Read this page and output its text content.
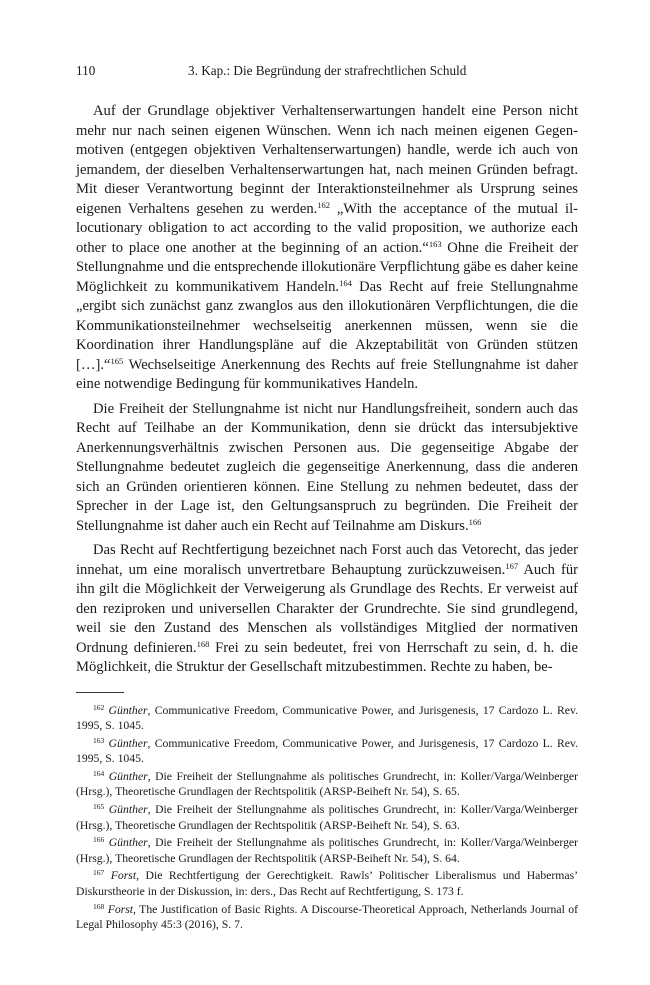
110	3. Kap.: Die Begründung der strafrechtlichen Schuld

Auf der Grundlage objektiver Verhaltenserwartungen handelt eine Person nicht mehr nur nach seinen eigenen Wünschen. Wenn ich nach meinen eigenen Gegenmotiven (entgegen objektiven Verhaltenserwartungen) handle, werde ich auch von jemandem, der dieselben Verhaltenserwartungen hat, nach meinen Gründen befragt. Mit dieser Verantwortung beginnt der Interaktionsteilnehmer als Ursprung seines eigenen Verhaltens gesehen zu werden.$^{162}$ „With the acceptance of the mutual illocutionary obligation to act according to the valid proposition, we authorize each other to place one another at the beginning of an action.“$^{163}$ Ohne die Freiheit der Stellungnahme und die entsprechende illokutionäre Verpflichtung gäbe es daher keine Möglichkeit zu kommunikativem Handeln.$^{164}$ Das Recht auf freie Stellungnahme „ergibt sich zunächst ganz zwanglos aus den illokutionären Verpflichtungen, die die Kommunikationsteilnehmer wechselseitig anerkennen müssen, wenn sie die Koordination ihrer Handlungspläne auf die Akzeptabilität von Gründen stützen […].“$^{165}$ Wechselseitige Anerkennung des Rechts auf freie Stellungnahme ist daher eine notwendige Bedingung für kommunikatives Handeln.

Die Freiheit der Stellungnahme ist nicht nur Handlungsfreiheit, sondern auch das Recht auf Teilhabe an der Kommunikation, denn sie drückt das intersubjektive Anerkennungsverhältnis zwischen Personen aus. Die gegenseitige Abgabe der Stellungnahme bedeutet zugleich die gegenseitige Anerkennung, dass die anderen sich an Gründen orientieren können. Eine Stellung zu nehmen bedeutet, dass der Sprecher in der Lage ist, den Geltungsanspruch zu begründen. Die Freiheit der Stellungnahme ist daher auch ein Recht auf Teilnahme am Diskurs.$^{166}$

Das Recht auf Rechtfertigung bezeichnet nach Forst auch das Vetorecht, das jeder innehat, um eine moralisch unvertretbare Behauptung zurückzuweisen.$^{167}$ Auch für ihn gilt die Möglichkeit der Verweigerung als Grundlage des Rechts. Er verweist auf den reziproken und universellen Charakter der Grundrechte. Sie sind grundlegend, weil sie den Zustand des Menschen als vollständiges Mitglied der normativen Ordnung definieren.$^{168}$ Frei zu sein bedeutet, frei von Herrschaft zu sein, d. h. die Möglichkeit, die Struktur der Gesellschaft mitzubestimmen. Rechte zu haben, be-

$^{162}$ Günther, Communicative Freedom, Communicative Power, and Jurisgenesis, 17 Cardozo L. Rev. 1995, S. 1045.

$^{163}$ Günther, Communicative Freedom, Communicative Power, and Jurisgenesis, 17 Cardozo L. Rev. 1995, S. 1045.

$^{164}$ Günther, Die Freiheit der Stellungnahme als politisches Grundrecht, in: Koller/Varga/​Weinberger (Hrsg.), Theoretische Grundlagen der Rechtspolitik (ARSP-Beiheft Nr. 54), S. 65.

$^{165}$ Günther, Die Freiheit der Stellungnahme als politisches Grundrecht, in: Koller/Varga/​Weinberger (Hrsg.), Theoretische Grundlagen der Rechtspolitik (ARSP-Beiheft Nr. 54), S. 63.

$^{166}$ Günther, Die Freiheit der Stellungnahme als politisches Grundrecht, in: Koller/Varga/​Weinberger (Hrsg.), Theoretische Grundlagen der Rechtspolitik (ARSP-Beiheft Nr. 54), S. 64.

$^{167}$ Forst, Die Rechtfertigung der Gerechtigkeit. Rawls’ Politischer Liberalismus und Habermas’ Diskurstheorie in der Diskussion, in: ders., Das Recht auf Rechtfertigung, S. 173 f.

$^{168}$ Forst, The Justification of Basic Rights. A Discourse-Theoretical Approach, Netherlands Journal of Legal Philosophy 45:3 (2016), S. 7.
